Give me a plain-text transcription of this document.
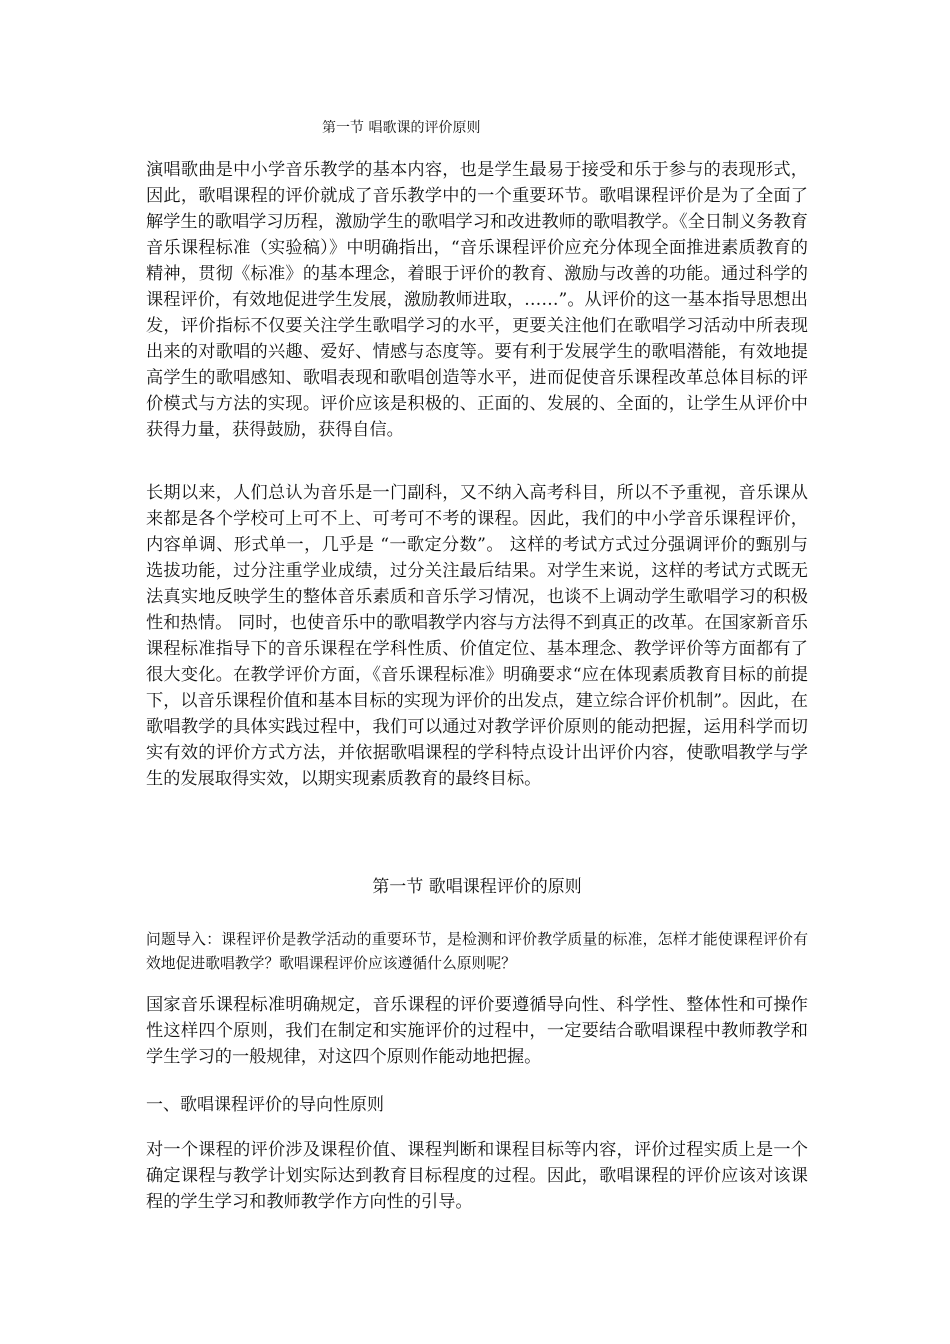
第一节 唱歌课的评价原则

演唱歌曲是中小学音乐教学的基本内容，也是学生最易于接受和乐于参与的表现形式，因此，歌唱课程的评价就成了音乐教学中的一个重要环节。歌唱课程评价是为了全面了解学生的歌唱学习历程，激励学生的歌唱学习和改进教师的歌唱教学。《全日制义务教育音乐课程标准（实验稿）》中明确指出，“音乐课程评价应充分体现全面推进素质教育的精神，贯彻《标准》的基本理念，着眼于评价的教育、激励与改善的功能。通过科学的课程评价，有效地促进学生发展，激励教师进取，……”。从评价的这一基本指导思想出发，评价指标不仅要关注学生歌唱学习的水平，更要关注他们在歌唱学习活动中所表现出来的对歌唱的兴趣、爱好、情感与态度等。要有利于发展学生的歌唱潜能，有效地提高学生的歌唱感知、歌唱表现和歌唱创造等水平，进而促使音乐课程改革总体目标的评价模式与方法的实现。评价应该是积极的、正面的、发展的、全面的，让学生从评价中获得力量，获得鼓励，获得自信。

长期以来，人们总认为音乐是一门副科，又不纳入高考科目，所以不予重视，音乐课从来都是各个学校可上可不上、可考可不考的课程。因此，我们的中小学音乐课程评价，内容单调、形式单一，几乎是 “一歌定分数”。 这样的考试方式过分强调评价的甄别与选拔功能，过分注重学业成绩，过分关注最后结果。对学生来说，这样的考试方式既无法真实地反映学生的整体音乐素质和音乐学习情况，也谈不上调动学生歌唱学习的积极性和热情。 同时，也使音乐中的歌唱教学内容与方法得不到真正的改革。在国家新音乐课程标准指导下的音乐课程在学科性质、价值定位、基本理念、教学评价等方面都有了很大变化。在教学评价方面，《音乐课程标准》明确要求“应在体现素质教育目标的前提下，以音乐课程价值和基本目标的实现为评价的出发点，建立综合评价机制”。因此，在歌唱教学的具体实践过程中，我们可以通过对教学评价原则的能动把握，运用科学而切实有效的评价方式方法，并依据歌唱课程的学科特点设计出评价内容，使歌唱教学与学生的发展取得实效，以期实现素质教育的最终目标。

第一节 歌唱课程评价的原则

问题导入：课程评价是教学活动的重要环节，是检测和评价教学质量的标准，怎样才能使课程评价有效地促进歌唱教学？歌唱课程评价应该遵循什么原则呢？

国家音乐课程标准明确规定，音乐课程的评价要遵循导向性、科学性、整体性和可操作性这样四个原则，我们在制定和实施评价的过程中，一定要结合歌唱课程中教师教学和学生学习的一般规律，对这四个原则作能动地把握。

一、歌唱课程评价的导向性原则

对一个课程的评价涉及课程价值、课程判断和课程目标等内容，评价过程实质上是一个确定课程与教学计划实际达到教育目标程度的过程。因此，歌唱课程的评价应该对该课程的学生学习和教师教学作方向性的引导。
